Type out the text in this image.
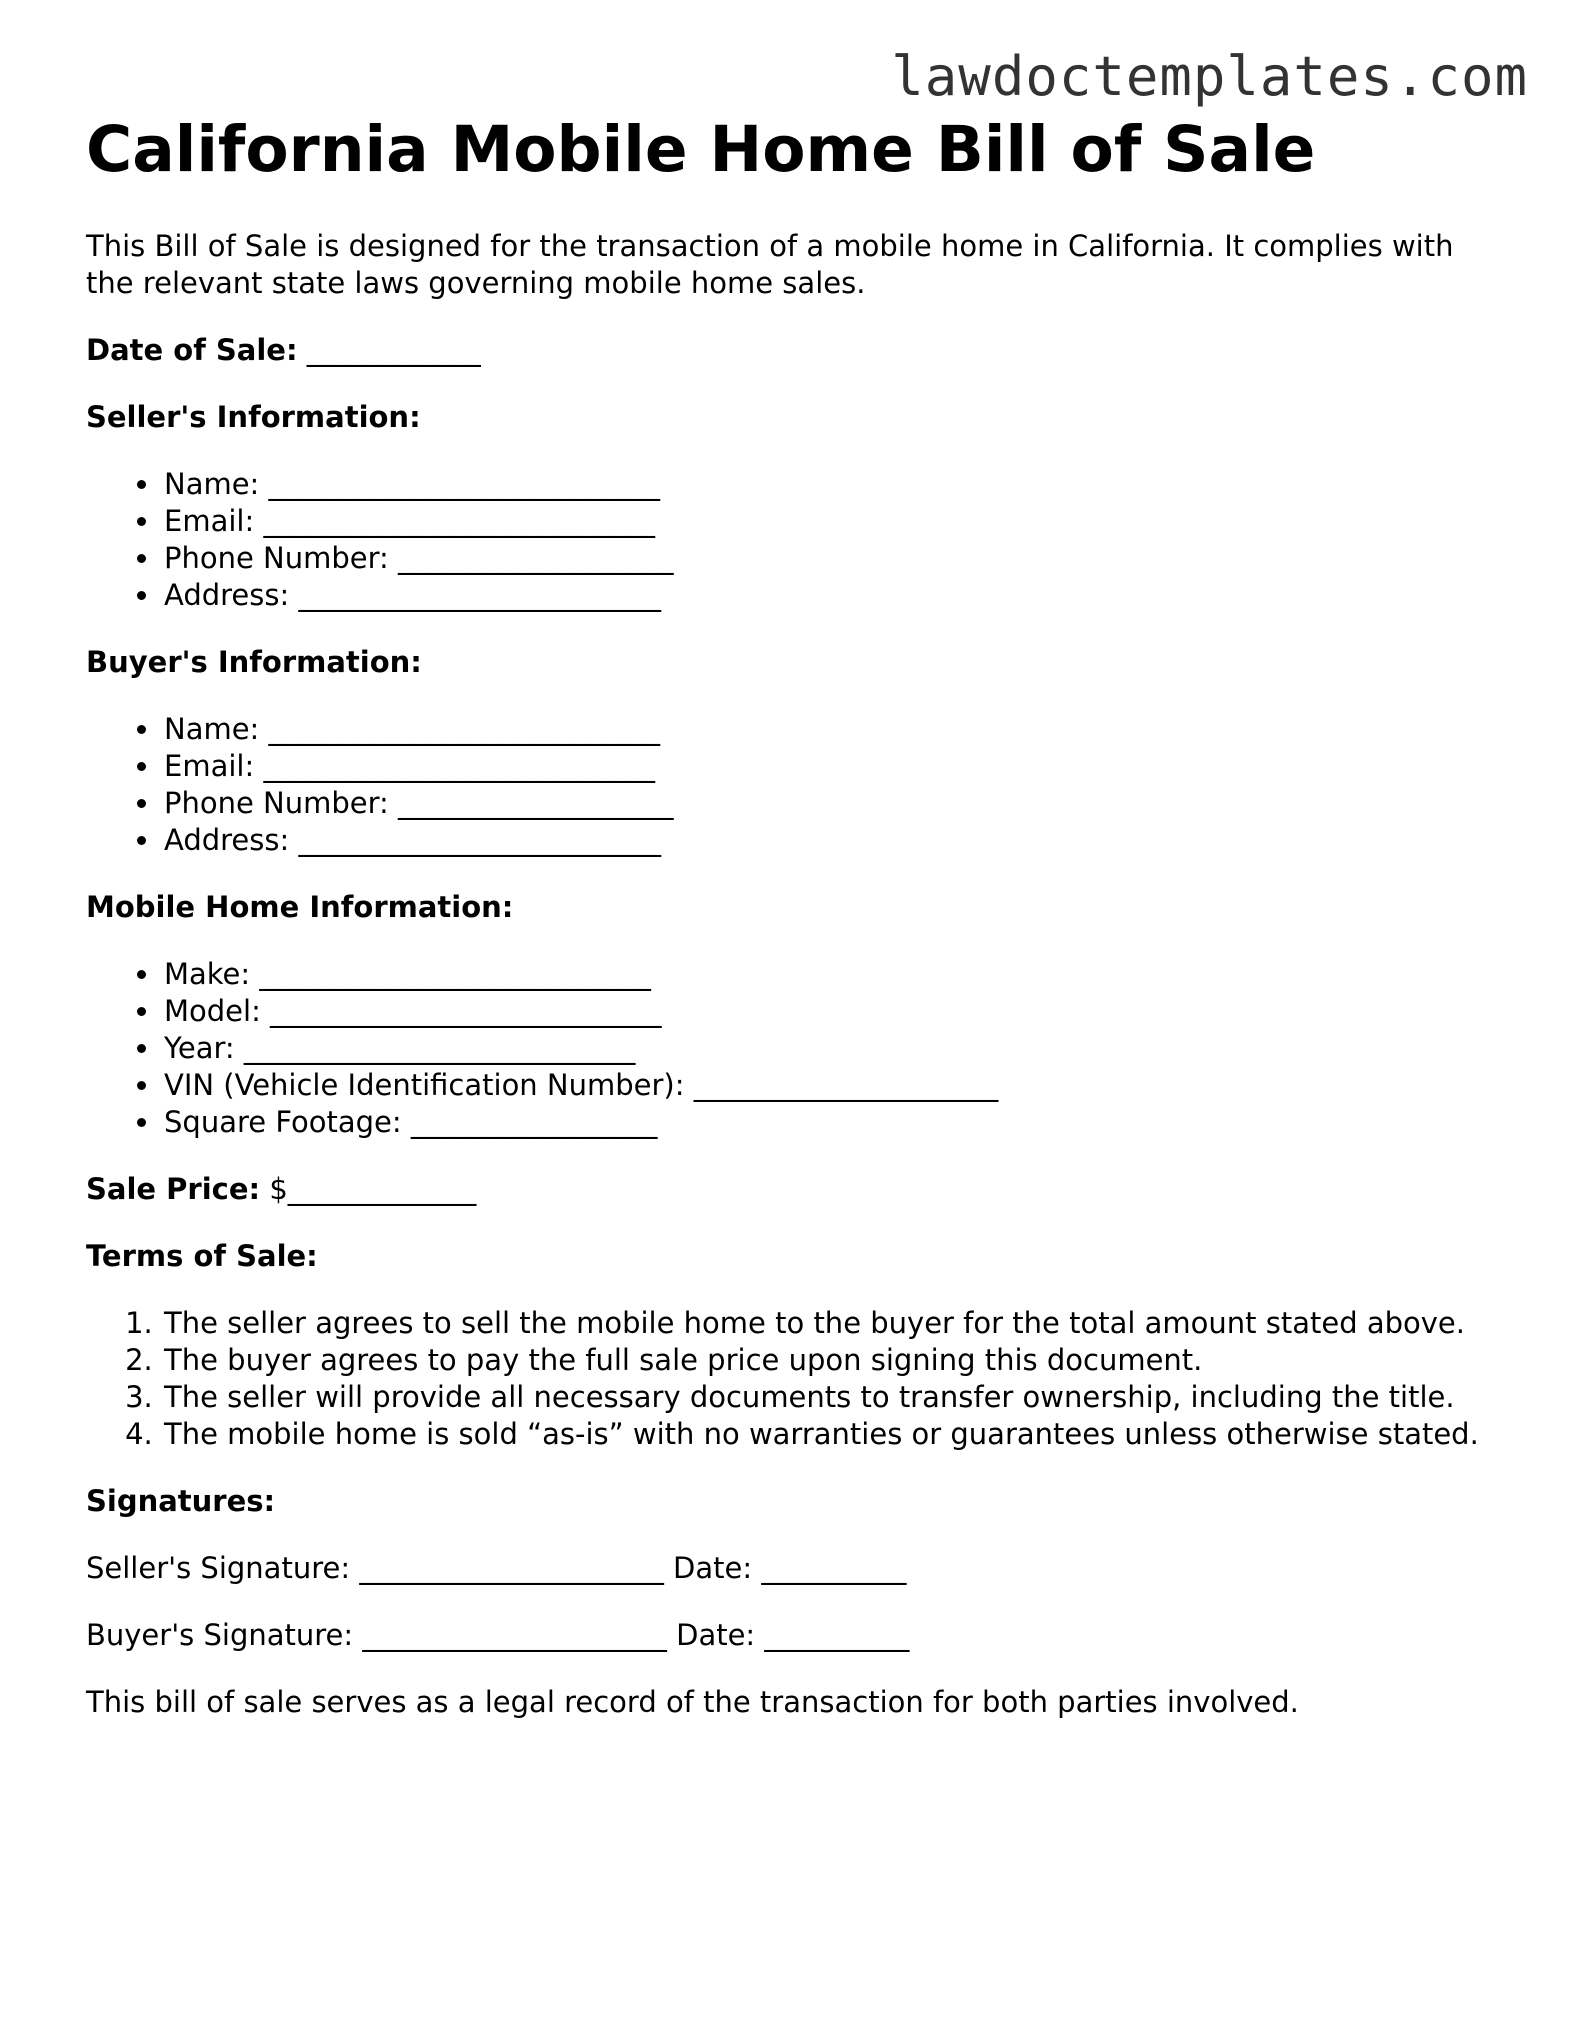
lawdoctemplates.com
California Mobile Home Bill of Sale

This Bill of Sale is designed for the transaction of a mobile home in California. It complies with the relevant state laws governing mobile home sales.

Date of Sale: ____________

Seller's Information:

• Name: ___________________________
• Email: ___________________________
• Phone Number: ___________________
• Address: _________________________

Buyer's Information:

• Name: ___________________________
• Email: ___________________________
• Phone Number: ___________________
• Address: _________________________

Mobile Home Information:

• Make: ___________________________
• Model: ___________________________
• Year: ___________________________
• VIN (Vehicle Identification Number): _____________________
• Square Footage: _________________

Sale Price: $_____________

Terms of Sale:

1. The seller agrees to sell the mobile home to the buyer for the total amount stated above.
2. The buyer agrees to pay the full sale price upon signing this document.
3. The seller will provide all necessary documents to transfer ownership, including the title.
4. The mobile home is sold “as-is” with no warranties or guarantees unless otherwise stated.

Signatures:

Seller's Signature: _____________________ Date: __________

Buyer's Signature: _____________________ Date: __________

This bill of sale serves as a legal record of the transaction for both parties involved.
